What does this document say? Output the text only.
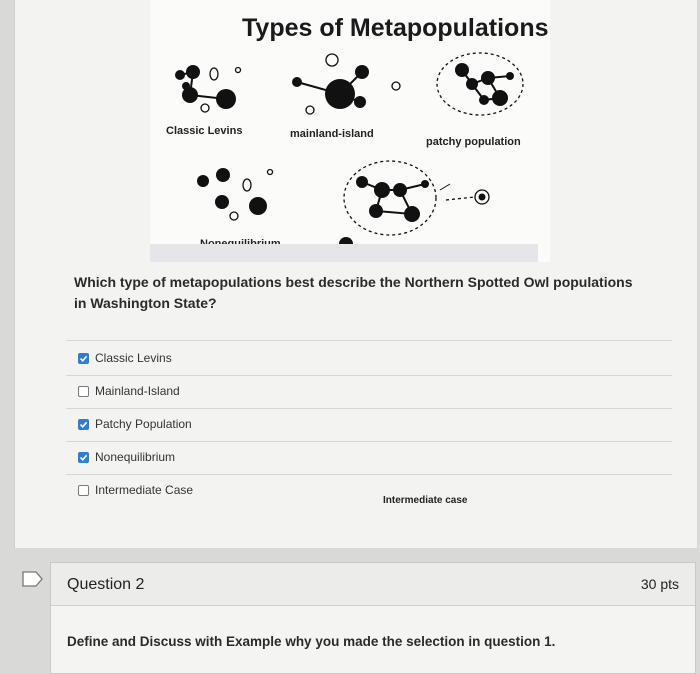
Types of Metapopulations
Classic Levins	mainland-island
patchy population
Intermediate case

Which type of metapopulations best describe the Northern Spotted Owl populations in Washington State?

Classic Levins
Mainland-Island
Patchy Population
Nonequilibrium
Intermediate Case
Question 2	30 pts
Define and Discuss with Example why you made the selection in question 1.
